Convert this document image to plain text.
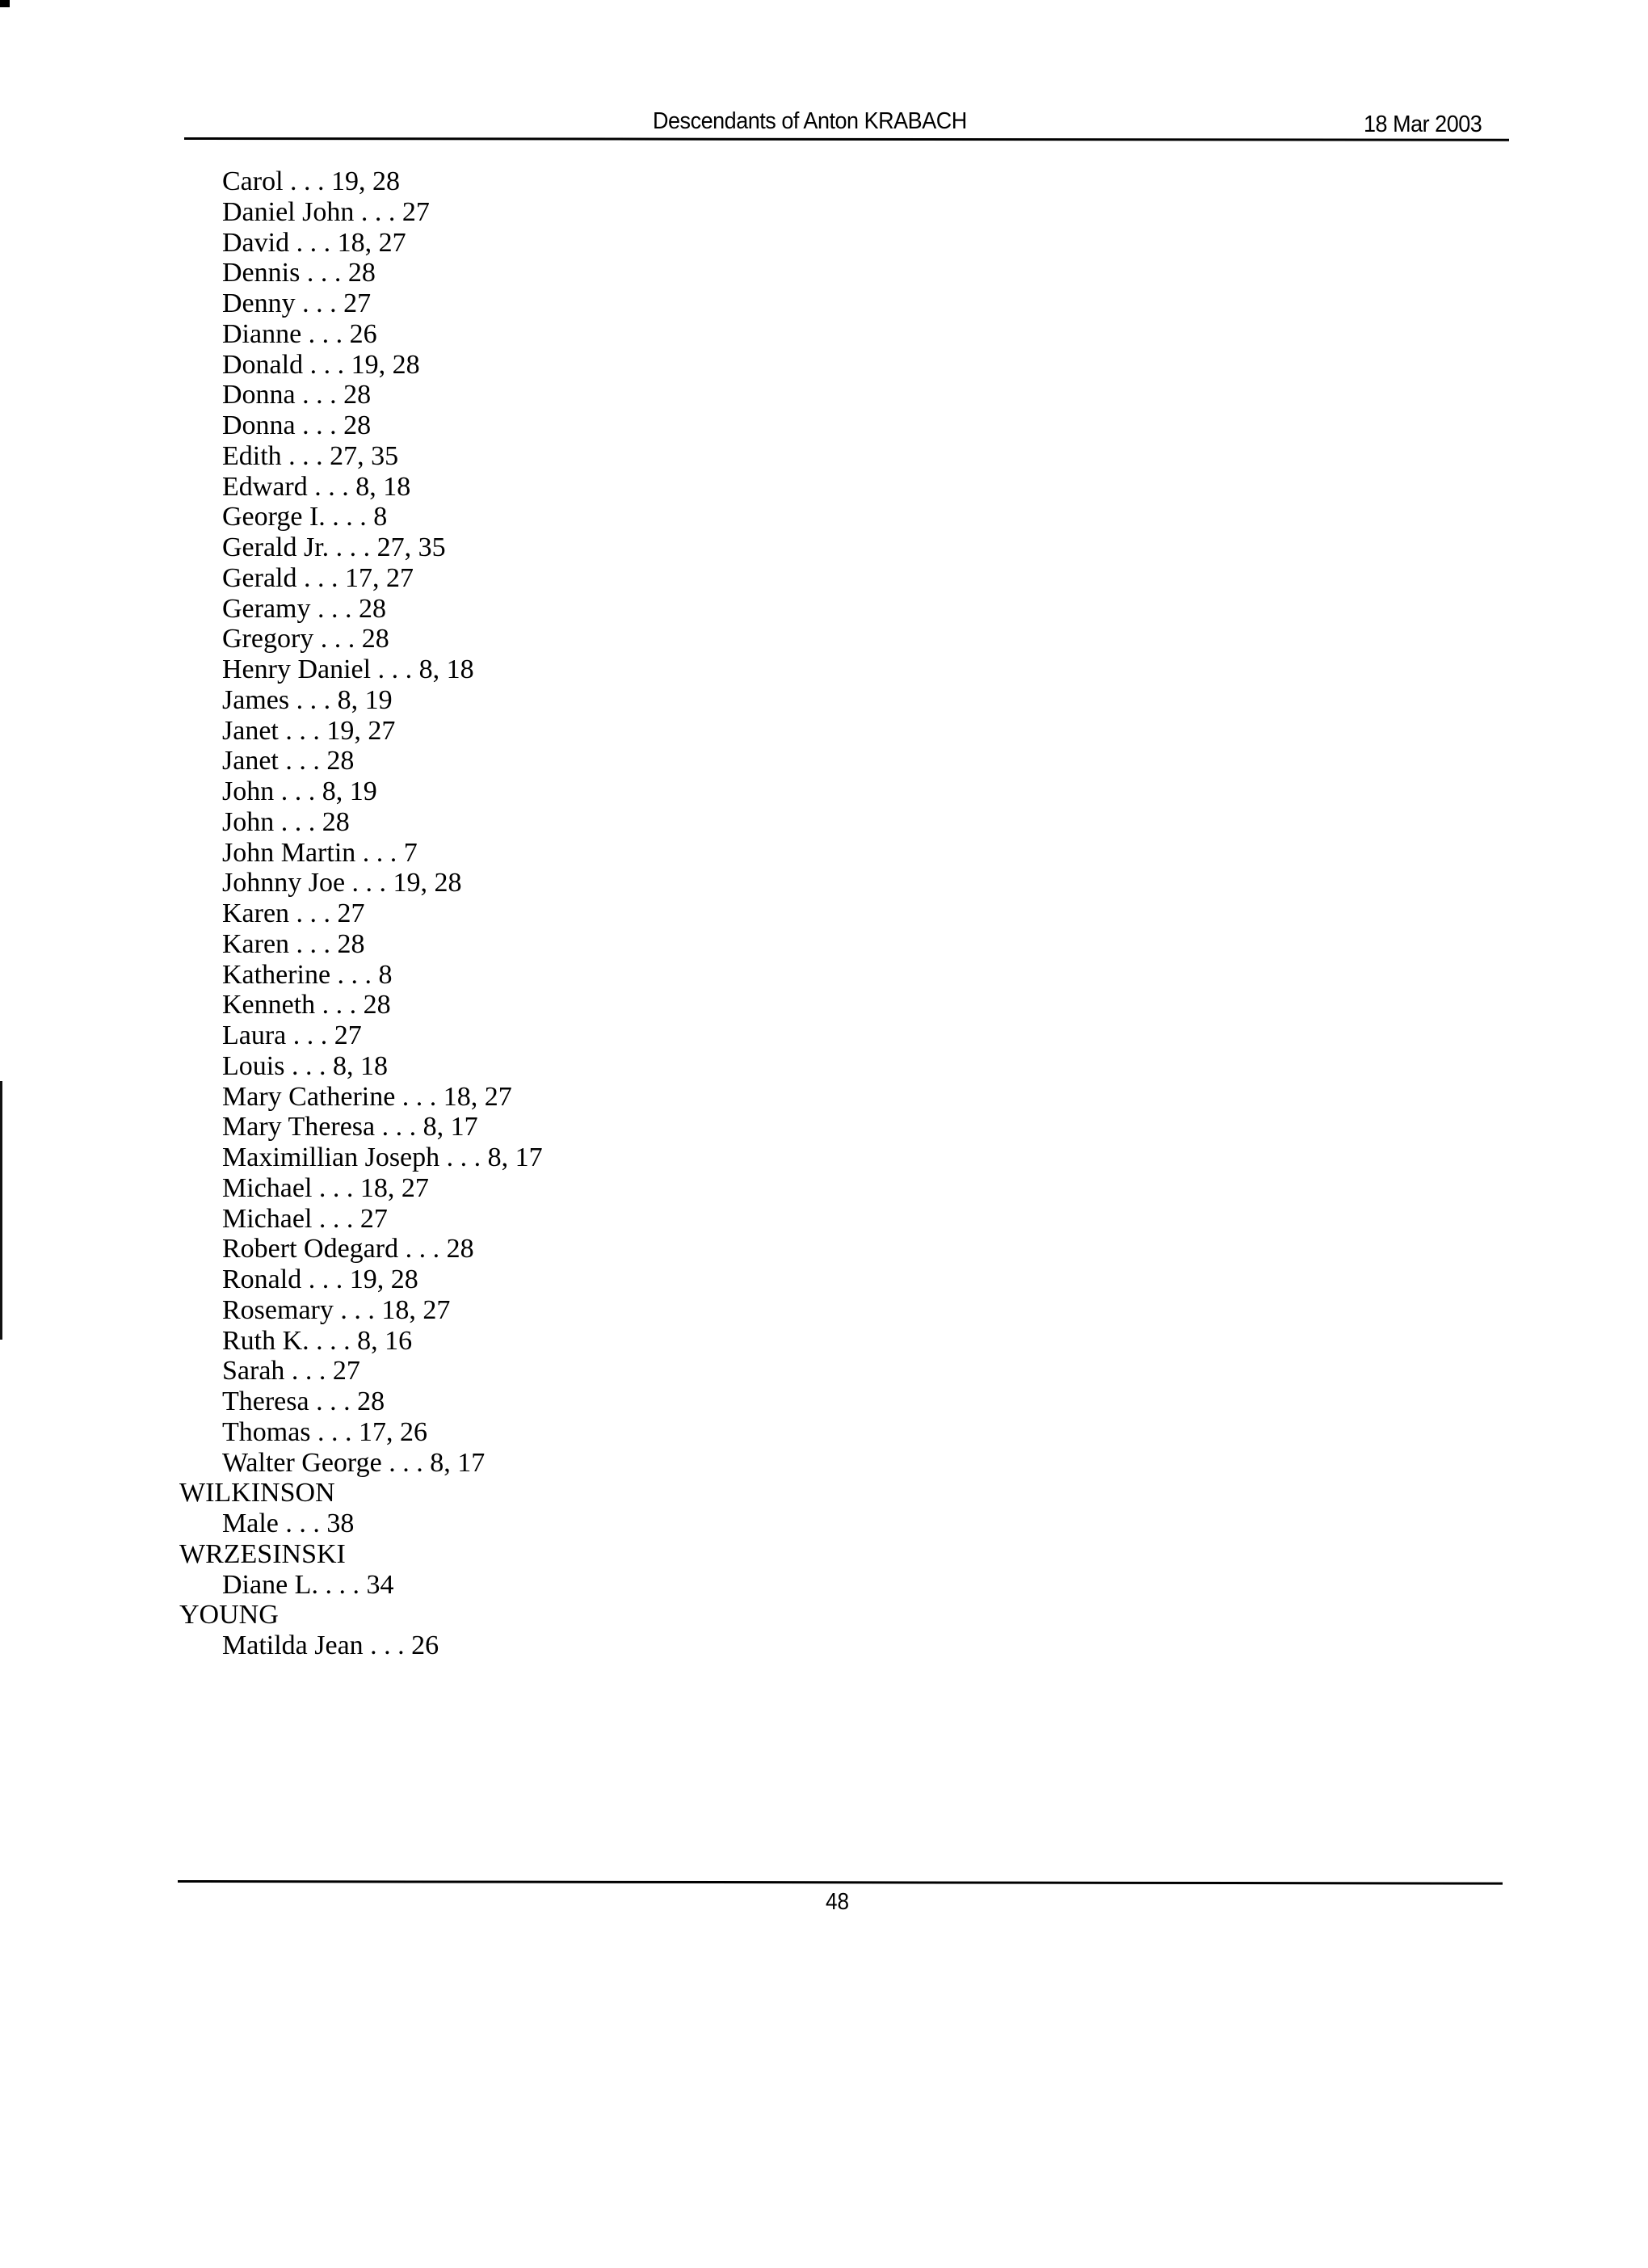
Descendants of Anton KRABACH	18 Mar 2003
Carol . . . 19, 28
Daniel John . . . 27
David . . . 18, 27
Dennis . . . 28
Denny . . . 27
Dianne . . . 26
Donald . . . 19, 28
Donna . . . 28
Donna . . . 28
Edith . . . 27, 35
Edward . . . 8, 18
George I. . . . 8
Gerald Jr. . . . 27, 35
Gerald . . . 17, 27
Geramy . . . 28
Gregory . . . 28
Henry Daniel . . . 8, 18
James . . . 8, 19
Janet . . . 19, 27
Janet . . . 28
John . . . 8, 19
John . . . 28
John Martin . . . 7
Johnny Joe . . . 19, 28
Karen . . . 27
Karen . . . 28
Katherine . . . 8
Kenneth . . . 28
Laura . . . 27
Louis . . . 8, 18
Mary Catherine . . . 18, 27
Mary Theresa . . . 8, 17
Maximillian Joseph . . . 8, 17
Michael . . . 18, 27
Michael . . . 27
Robert Odegard . . . 28
Ronald . . . 19, 28
Rosemary . . . 18, 27
Ruth K. . . . 8, 16
Sarah . . . 27
Theresa . . . 28
Thomas . . . 17, 26
Walter George . . . 8, 17
WILKINSON
Male . . . 38
WRZESINSKI
Diane L. . . . 34
YOUNG
Matilda Jean . . . 26
48
